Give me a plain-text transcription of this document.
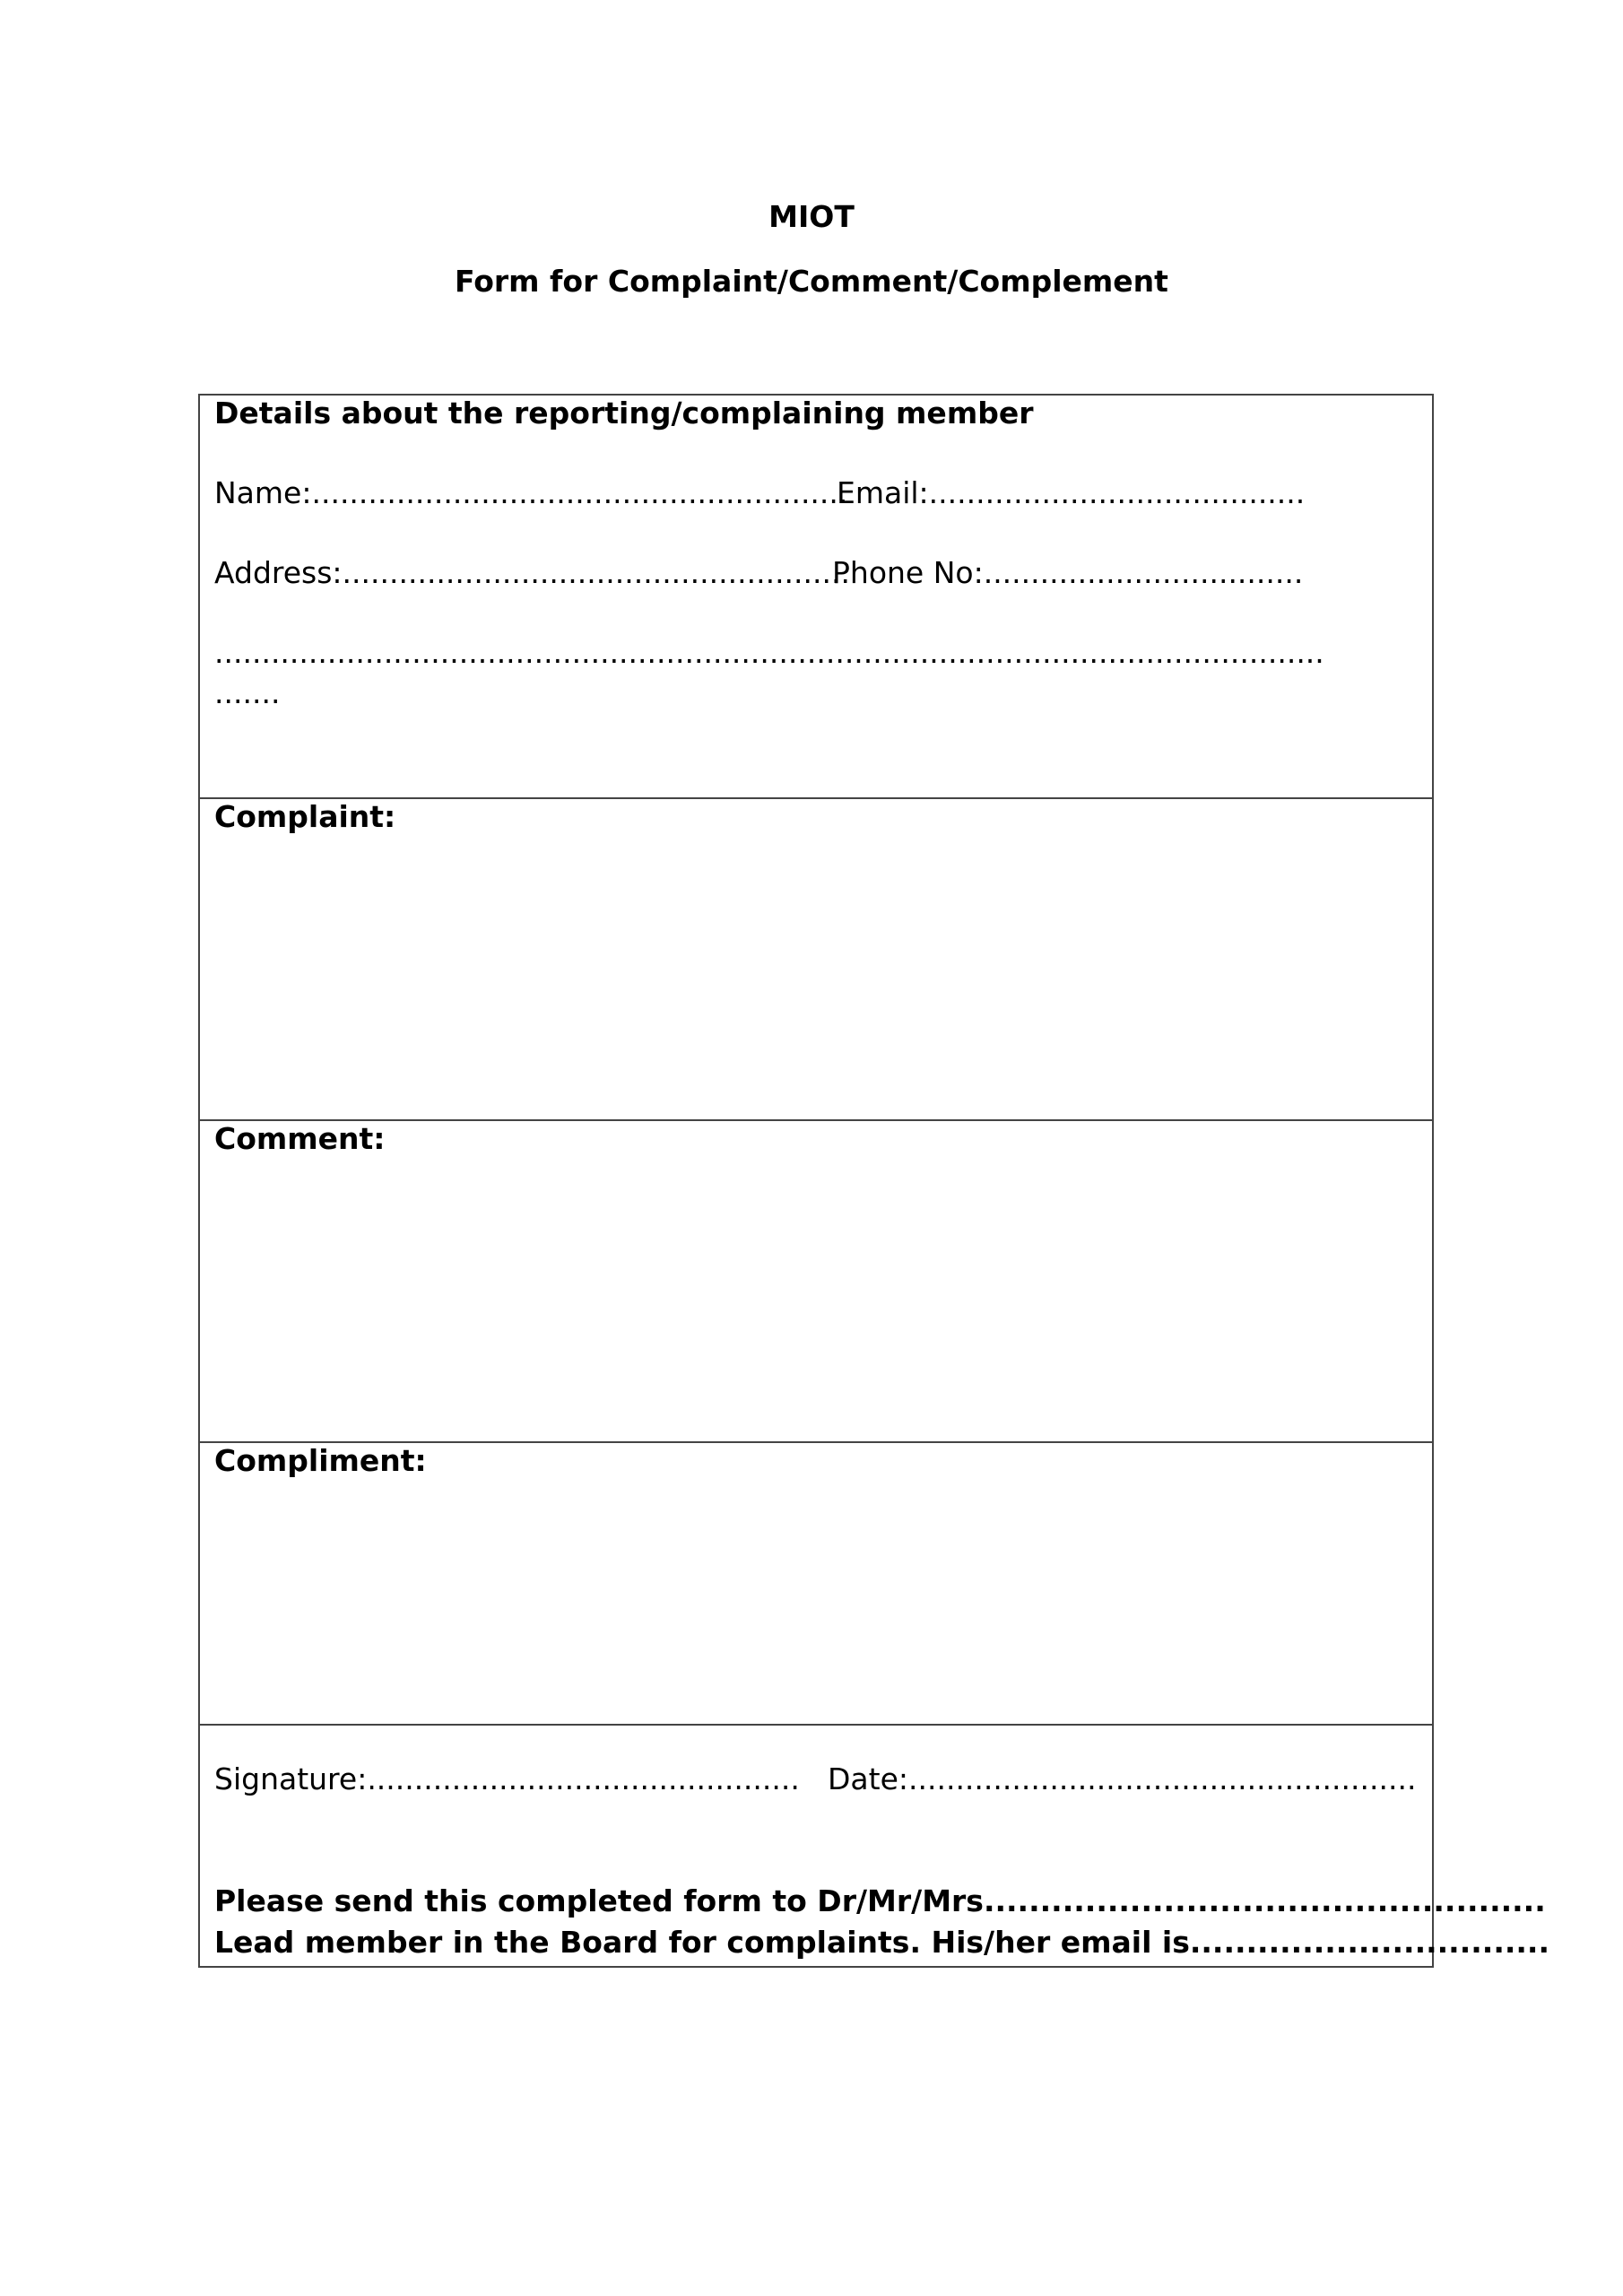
MIOT
Form for Complaint/Comment/Complement
Details about the reporting/complaining member
Name:.........................................................
Email:........................................
Address:......................................................
Phone No:..................................
......................................................................................................................
.......
Complaint:
Comment:
Compliment:
Signature:.............................................. Date:......................................................
Please send this completed form to Dr/Mr/Mrs..................................................
Lead member in the Board for complaints. His/her email is................................
